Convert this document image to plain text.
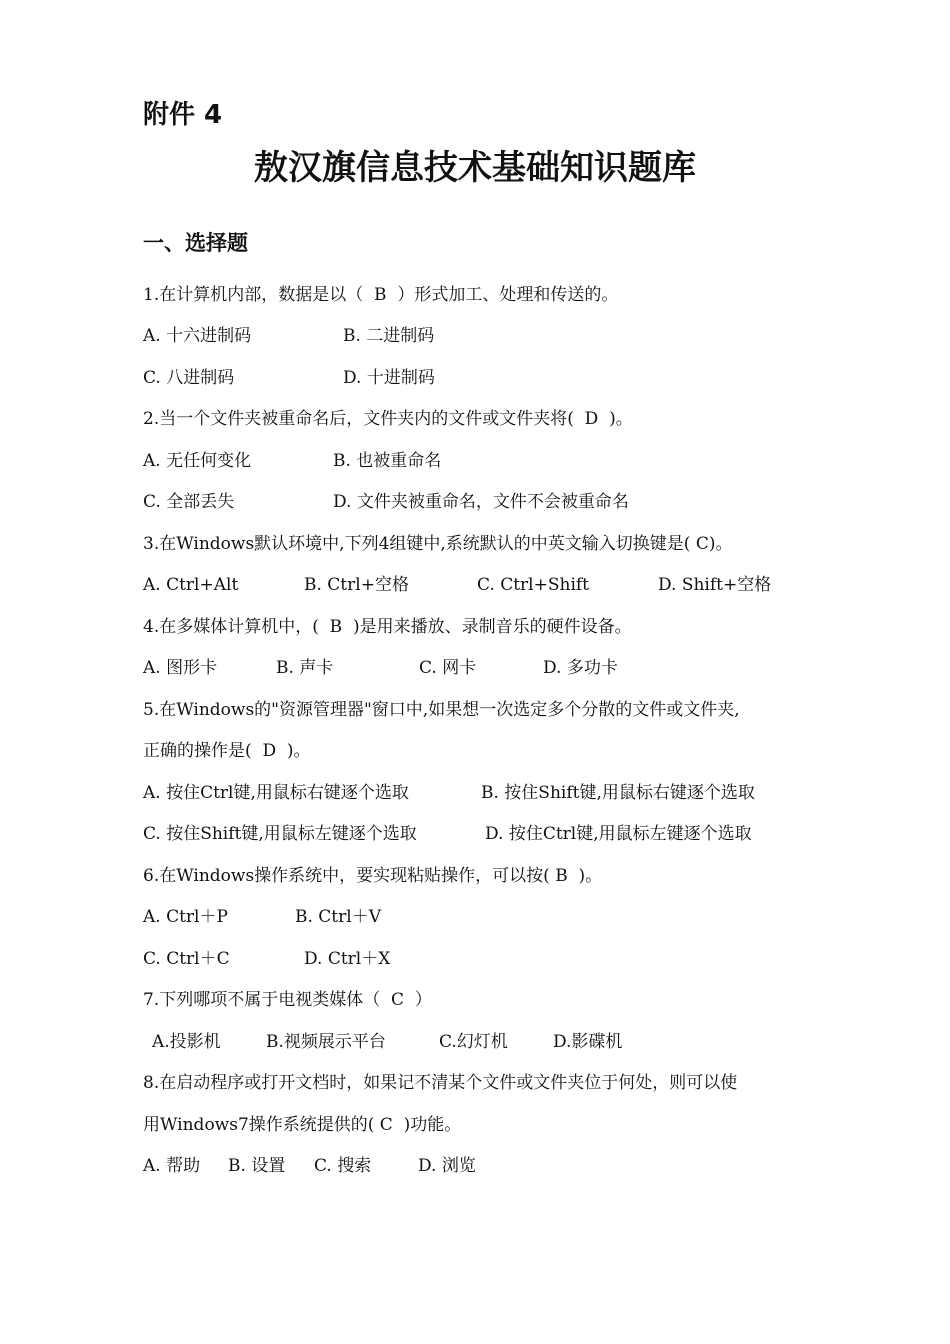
附件 4
敖汉旗信息技术基础知识题库
一、选择题
1.在计算机内部，数据是以（  B  ）形式加工、处理和传送的。
A. 十六进制码	B. 二进制码
C. 八进制码	D. 十进制码
2.当一个文件夹被重命名后，文件夹内的文件或文件夹将(  D  )。
A. 无任何变化	B. 也被重命名
C. 全部丢失	D. 文件夹被重命名，文件不会被重命名
3.在Windows默认环境中,下列4组键中,系统默认的中英文输入切换键是( C)。
A. Ctrl+Alt	B. Ctrl+空格	C. Ctrl+Shift	D. Shift+空格
4.在多媒体计算机中，(  B  )是用来播放、录制音乐的硬件设备。
A. 图形卡	B. 声卡	C. 网卡	D. 多功卡
5.在Windows的"资源管理器"窗口中,如果想一次选定多个分散的文件或文件夹,
正确的操作是(  D  )。
A. 按住Ctrl键,用鼠标右键逐个选取	B. 按住Shift键,用鼠标右键逐个选取
C. 按住Shift键,用鼠标左键逐个选取	D. 按住Ctrl键,用鼠标左键逐个选取
6.在Windows操作系统中，要实现粘贴操作，可以按( B  )。
A. Ctrl＋P	B. Ctrl＋V
C. Ctrl＋C	D. Ctrl＋X
7.下列哪项不属于电视类媒体（  C  ）
A.投影机	B.视频展示平台	C.幻灯机	D.影碟机
8.在启动程序或打开文档时，如果记不清某个文件或文件夹位于何处，则可以使
用Windows7操作系统提供的( C  )功能。
A. 帮助 B. 设置 C. 搜索	D. 浏览
